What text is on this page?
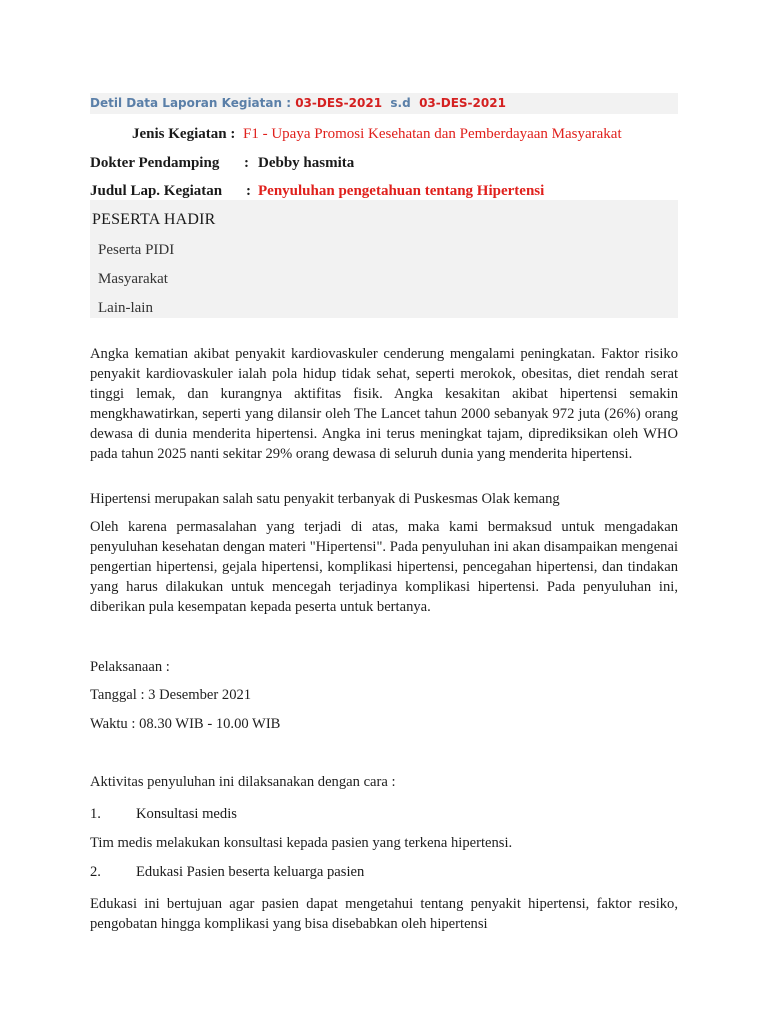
Detil Data Laporan Kegiatan : 03-DES-2021 s.d 03-DES-2021
Jenis Kegiatan : F1 - Upaya Promosi Kesehatan dan Pemberdayaan Masyarakat
Dokter Pendamping : Debby hasmita
Judul Lap. Kegiatan : Penyuluhan pengetahuan tentang Hipertensi
PESERTA HADIR
Peserta PIDI
Masyarakat
Lain-lain
Angka kematian akibat penyakit kardiovaskuler cenderung mengalami peningkatan. Faktor risiko penyakit kardiovaskuler ialah pola hidup tidak sehat, seperti merokok, obesitas, diet rendah serat tinggi lemak, dan kurangnya aktifitas fisik. Angka kesakitan akibat hipertensi semakin mengkhawatirkan, seperti yang dilansir oleh The Lancet tahun 2000 sebanyak 972 juta (26%) orang dewasa di dunia menderita hipertensi. Angka ini terus meningkat tajam, diprediksikan oleh WHO pada tahun 2025 nanti sekitar 29% orang dewasa di seluruh dunia yang menderita hipertensi.
Hipertensi merupakan salah satu penyakit terbanyak di Puskesmas Olak kemang
Oleh karena permasalahan yang terjadi di atas, maka kami bermaksud untuk mengadakan penyuluhan kesehatan dengan materi "Hipertensi". Pada penyuluhan ini akan disampaikan mengenai pengertian hipertensi, gejala hipertensi, komplikasi hipertensi, pencegahan hipertensi, dan tindakan yang harus dilakukan untuk mencegah terjadinya komplikasi hipertensi. Pada penyuluhan ini, diberikan pula kesempatan kepada peserta untuk bertanya.
Pelaksanaan :
Tanggal : 3 Desember 2021
Waktu : 08.30 WIB - 10.00 WIB
Aktivitas penyuluhan ini dilaksanakan dengan cara :
1. Konsultasi medis
Tim medis melakukan konsultasi kepada pasien yang terkena hipertensi.
2. Edukasi Pasien beserta keluarga pasien
Edukasi ini bertujuan agar pasien dapat mengetahui tentang penyakit hipertensi, faktor resiko, pengobatan hingga komplikasi yang bisa disebabkan oleh hipertensi
